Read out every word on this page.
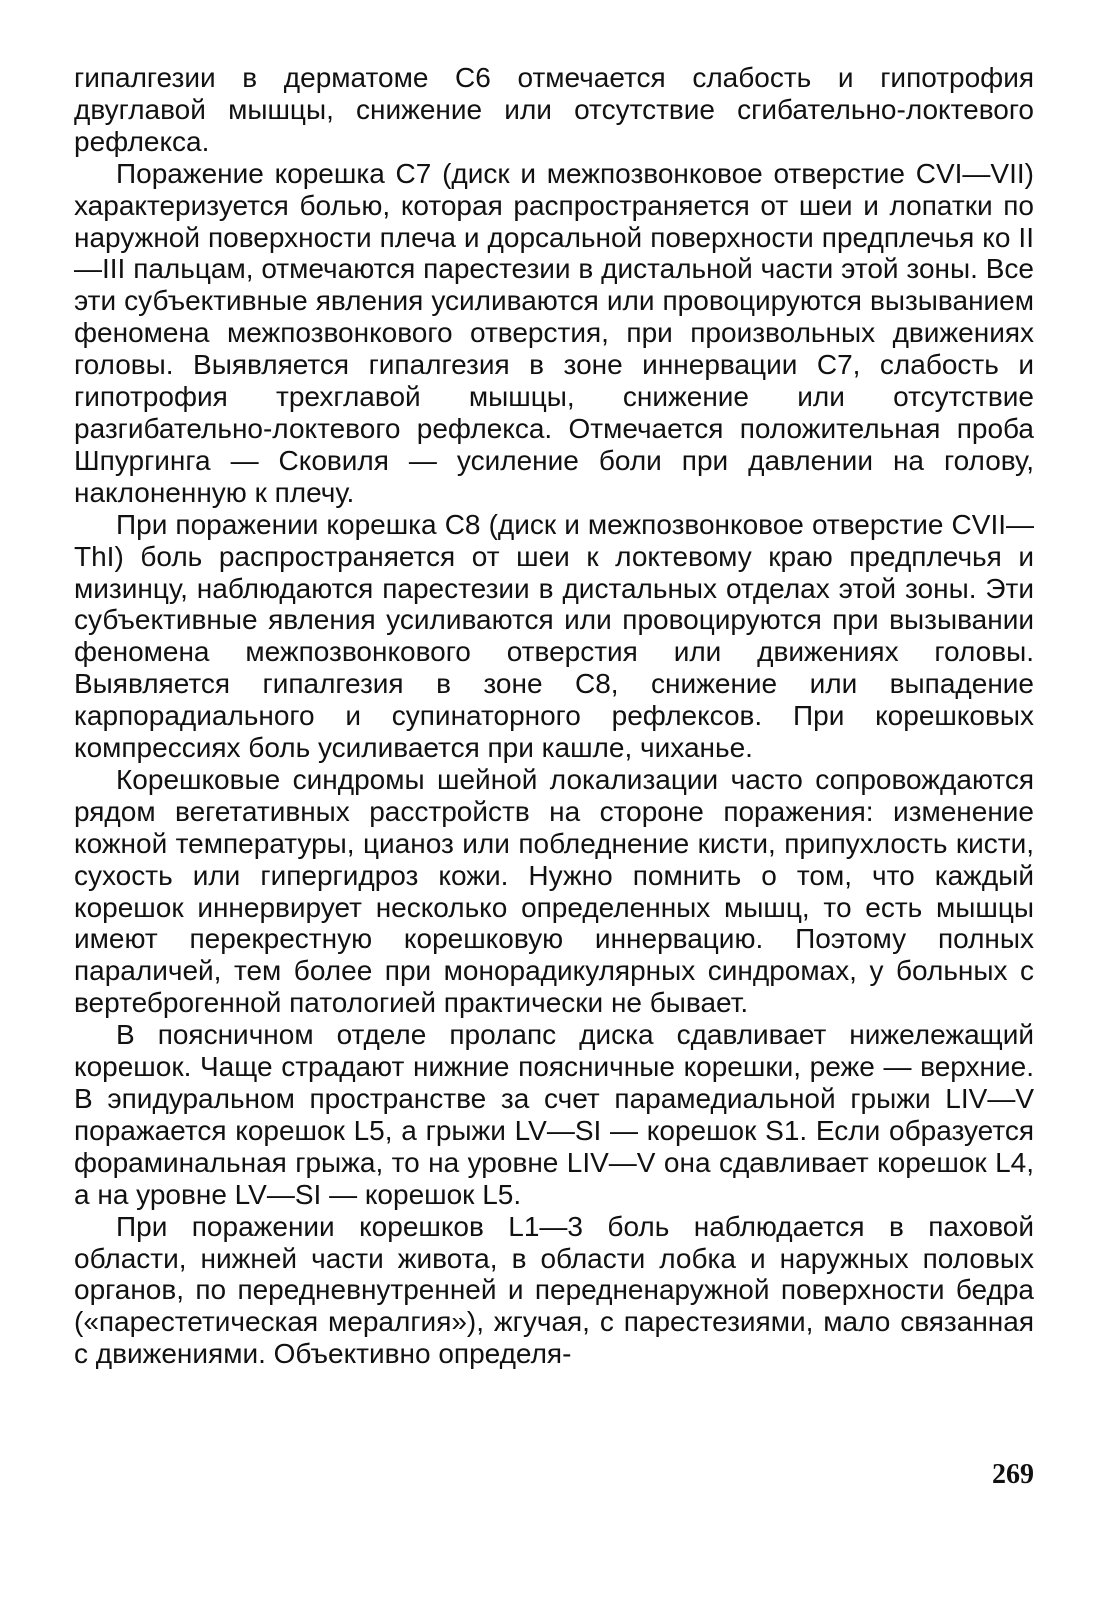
гипалгезии в дерматоме C6 отмечается слабость и гипотрофия двуглавой мышцы, снижение или отсутствие сгибательно-локтевого рефлекса.

Поражение корешка C7 (диск и межпозвонковое отверстие CVI—VII) характеризуется болью, которая распространяется от шеи и лопатки по наружной поверхности плеча и дорсальной поверхности предплечья ко II—III пальцам, отмечаются парестезии в дистальной части этой зоны. Все эти субъективные явления усиливаются или провоцируются вызыванием феномена межпозвонкового отверстия, при произвольных движениях головы. Выявляется гипалгезия в зоне иннервации C7, слабость и гипотрофия трехглавой мышцы, снижение или отсутствие разгибательно-локтевого рефлекса. Отмечается положительная проба Шпургинга — Сковиля — усиление боли при давлении на голову, наклоненную к плечу.

При поражении корешка C8 (диск и межпозвонковое отверстие CVII—ThI) боль распространяется от шеи к локтевому краю предплечья и мизинцу, наблюдаются парестезии в дистальных отделах этой зоны. Эти субъективные явления усиливаются или провоцируются при вызывании феномена межпозвонкового отверстия или движениях головы. Выявляется гипалгезия в зоне C8, снижение или выпадение карпорадиального и супинаторного рефлексов. При корешковых компрессиях боль усиливается при кашле, чиханье.

Корешковые синдромы шейной локализации часто сопровождаются рядом вегетативных расстройств на стороне поражения: изменение кожной температуры, цианоз или побледнение кисти, припухлость кисти, сухость или гипергидроз кожи. Нужно помнить о том, что каждый корешок иннервирует несколько определенных мышц, то есть мышцы имеют перекрестную корешковую иннервацию. Поэтому полных параличей, тем более при монорадикулярных синдромах, у больных с вертеброгенной патологией практически не бывает.

В поясничном отделе пролапс диска сдавливает нижележащий корешок. Чаще страдают нижние поясничные корешки, реже — верхние. В эпидуральном пространстве за счет парамедиальной грыжи LIV—V поражается корешок L5, а грыжи LV—SI — корешок S1. Если образуется фораминальная грыжа, то на уровне LIV—V она сдавливает корешок L4, а на уровне LV—SI — корешок L5.

При поражении корешков L1—3 боль наблюдается в паховой области, нижней части живота, в области лобка и наружных половых органов, по передневнутренней и передненаружной поверхности бедра («парестетическая мералгия»), жгучая, с парестезиями, мало связанная с движениями. Объективно определя-

269
